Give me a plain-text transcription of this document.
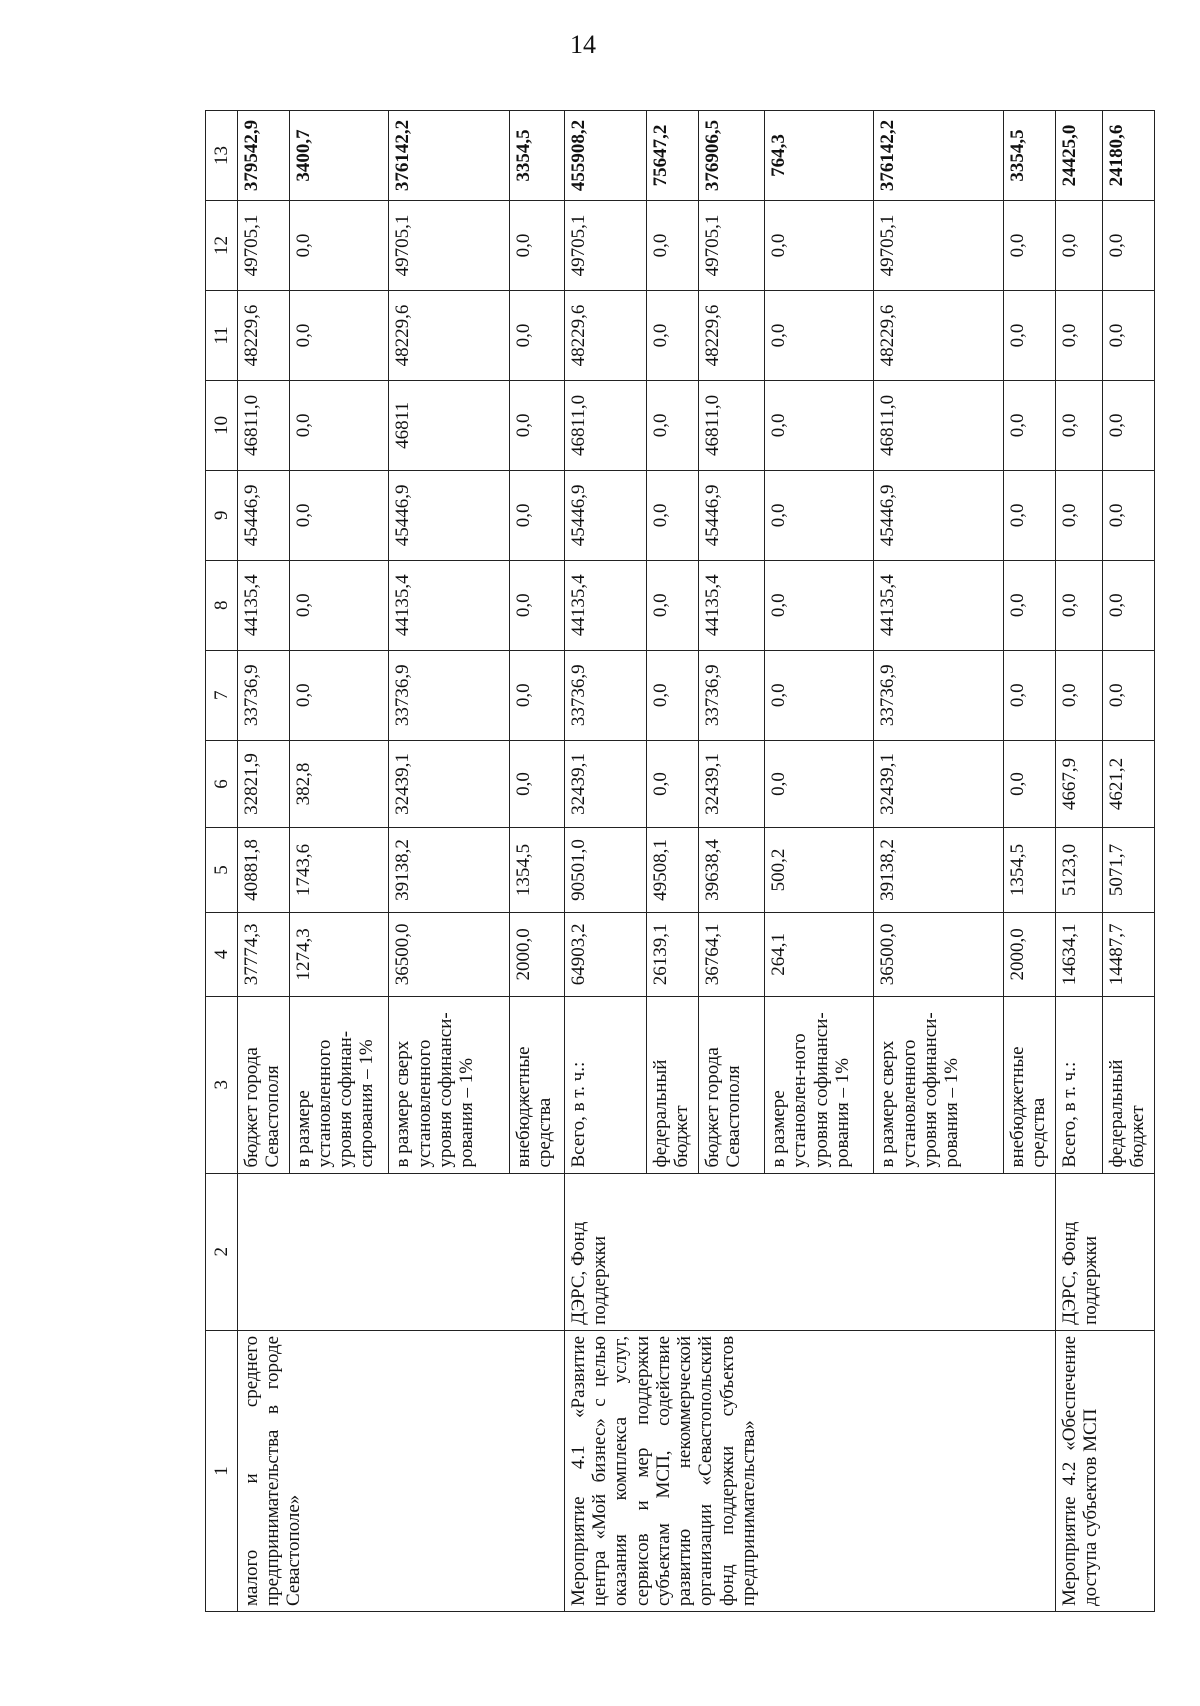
14
1	2	3	4	5	6	7	8	9	10	11	12	13
малого и среднего предпринимательства в городе Севастополе»		бюджет города Севастополя	37774,3	40881,8	32821,9	33736,9	44135,4	45446,9	46811,0	48229,6	49705,1	379542,9
		в размере установленного уровня софинан-сирования – 1%	1274,3	1743,6	382,8	0,0	0,0	0,0	0,0	0,0	0,0	3400,7
		в размере сверх установленного уровня софинанси-рования – 1%	36500,0	39138,2	32439,1	33736,9	44135,4	45446,9	46811	48229,6	49705,1	376142,2
		внебюджетные средства	2000,0	1354,5	0,0	0,0	0,0	0,0	0,0	0,0	0,0	3354,5
Мероприятие 4.1 «Развитие центра «Мой бизнес» с целью оказания комплекса услуг, сервисов и мер поддержки субъектам МСП, содействие развитию некоммерческой организации «Севастопольский фонд поддержки субъектов предпринимательства»	ДЭРС, Фонд поддержки	Всего, в т. ч.:	64903,2	90501,0	32439,1	33736,9	44135,4	45446,9	46811,0	48229,6	49705,1	455908,2
		федеральный бюджет	26139,1	49508,1	0,0	0,0	0,0	0,0	0,0	0,0	0,0	75647,2
		бюджет города Севастополя	36764,1	39638,4	32439,1	33736,9	44135,4	45446,9	46811,0	48229,6	49705,1	376906,5
		в размере установлен-ного уровня софинанси-рования – 1%	264,1	500,2	0,0	0,0	0,0	0,0	0,0	0,0	0,0	764,3
		в размере сверх установленного уровня софинанси-рования – 1%	36500,0	39138,2	32439,1	33736,9	44135,4	45446,9	46811,0	48229,6	49705,1	376142,2
		внебюджетные средства	2000,0	1354,5	0,0	0,0	0,0	0,0	0,0	0,0	0,0	3354,5
Мероприятие 4.2 «Обеспечение доступа субъектов МСП	ДЭРС, Фонд поддержки	Всего, в т. ч.:	14634,1	5123,0	4667,9	0,0	0,0	0,0	0,0	0,0	0,0	24425,0
		федеральный бюджет	14487,7	5071,7	4621,2	0,0	0,0	0,0	0,0	0,0	0,0	24180,6
